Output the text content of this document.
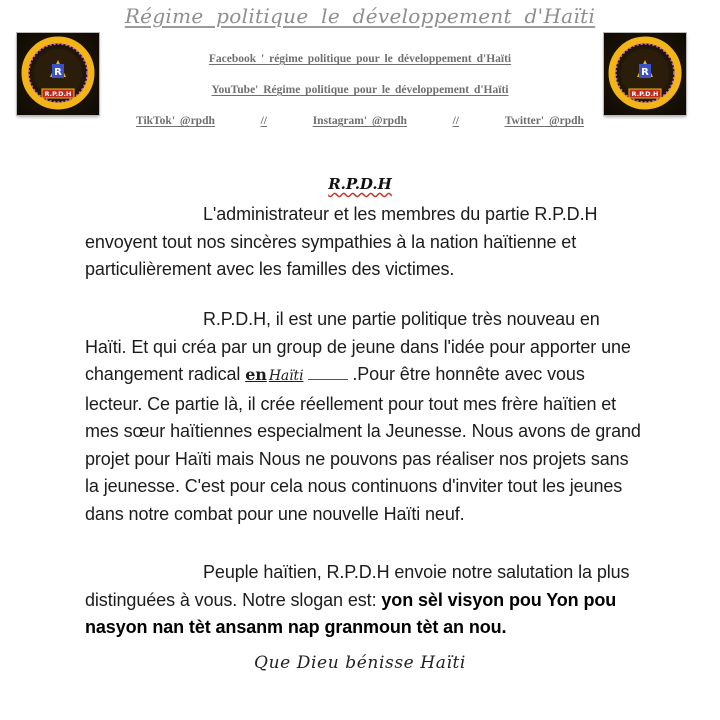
R
R.P.D.H
R
R.P.D.H
Régime politique le développement d'Haïti
Facebook ' régime politique pour le développement d'Haïti
YouTube' Régime politique pour le développement d'Haïti
TikTok' @rpdh	//	Instagram' @rpdh	//	Twitter' @rpdh
R.P.D.H
L'administrateur et les membres du partie R.P.D.H envoyent tout nos sincères sympathies à la nation haïtienne et particulièrement avec les familles des victimes.
R.P.D.H, il est une partie politique très nouveau en Haïti. Et qui créa par un group de jeune dans l'idée pour apporter une changement radical en Haïti	.Pour être honnête avec vous lecteur. Ce partie là, il crée réellement pour tout mes frère haïtien et mes sœur haïtiennes especialment la Jeunesse. Nous avons de grand projet pour Haïti mais Nous ne pouvons pas réaliser nos projets sans la jeunesse. C'est pour cela nous continuons d'inviter tout les jeunes dans notre combat pour une nouvelle Haïti neuf.
Peuple haïtien, R.P.D.H envoie notre salutation la plus distinguées à vous. Notre slogan est: yon sèl visyon pou Yon pou nasyon nan tèt ansanm nap granmoun tèt an nou.
Que Dieu bénisse Haïti
